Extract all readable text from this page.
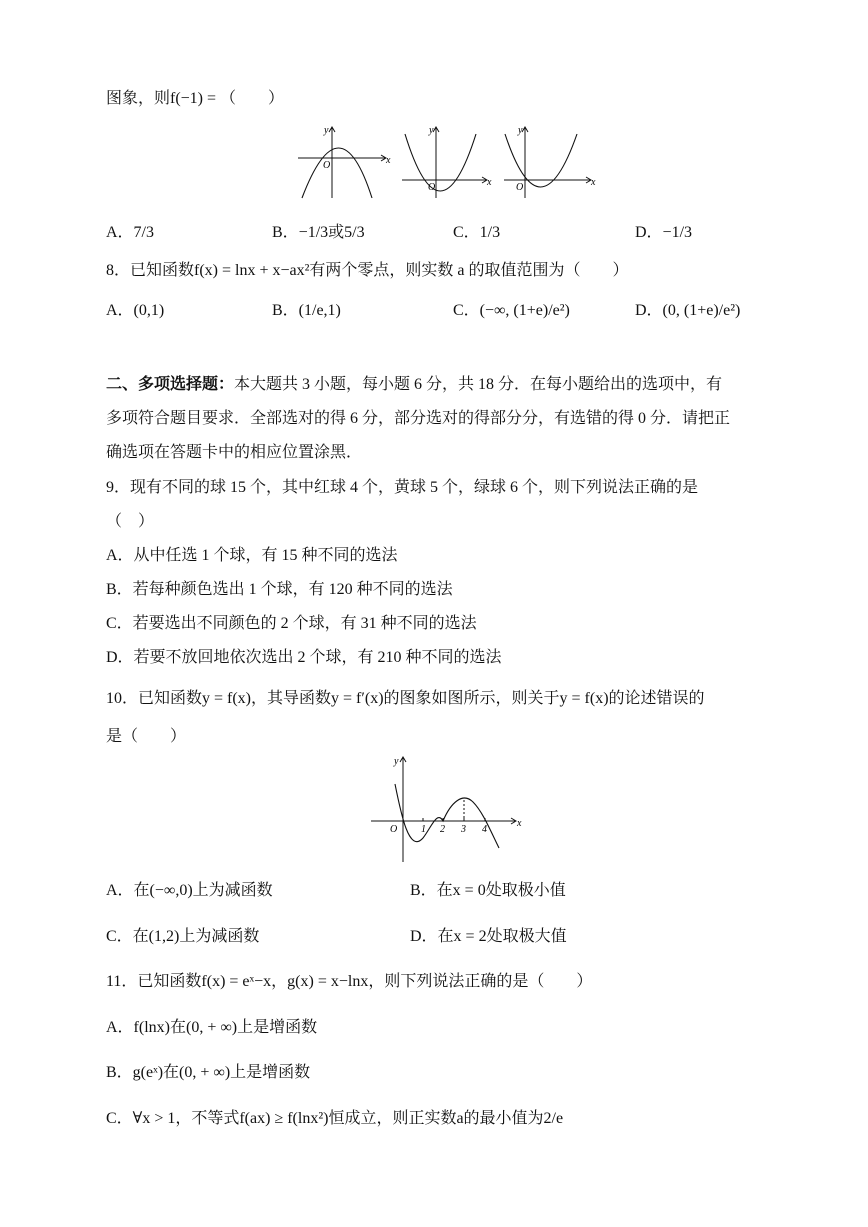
图象，则f(−1) = （　　）
x
y
O
x
y
O	x
y
O
A．7/3	B．−1/3或5/3	C．1/3	D．−1/3
8．已知函数f(x) = lnx + x−ax²有两个零点，则实数 a 的取值范围为（　　）
A．(0,1)	B．(1/e,1)	C．(−∞, (1+e)/e²)	D．(0, (1+e)/e²)
二、多项选择题：本大题共 3 小题，每小题 6 分，共 18 分．在每小题给出的选项中，有
多项符合题目要求．全部选对的得 6 分，部分选对的得部分分，有选错的得 0 分．请把正
确选项在答题卡中的相应位置涂黑．
9．现有不同的球 15 个，其中红球 4 个，黄球 5 个，绿球 6 个，则下列说法正确的是
（　）
A．从中任选 1 个球，有 15 种不同的选法
B．若每种颜色选出 1 个球，有 120 种不同的选法
C．若要选出不同颜色的 2 个球，有 31 种不同的选法
D．若要不放回地依次选出 2 个球，有 210 种不同的选法
10．已知函数y = f(x)，其导函数y = f′(x)的图象如图所示，则关于y = f(x)的论述错误的
是（　　）
x
y
O 1 2 3 4
A．在(−∞,0)上为减函数	B．在x = 0处取极小值
C．在(1,2)上为减函数	D．在x = 2处取极大值
11．已知函数f(x) = eˣ−x，g(x) = x−lnx，则下列说法正确的是（　　）
A．f(lnx)在(0, + ∞)上是增函数
B．g(eˣ)在(0, + ∞)上是增函数
C．∀x > 1，不等式f(ax) ≥ f(lnx²)恒成立，则正实数a的最小值为2/e
